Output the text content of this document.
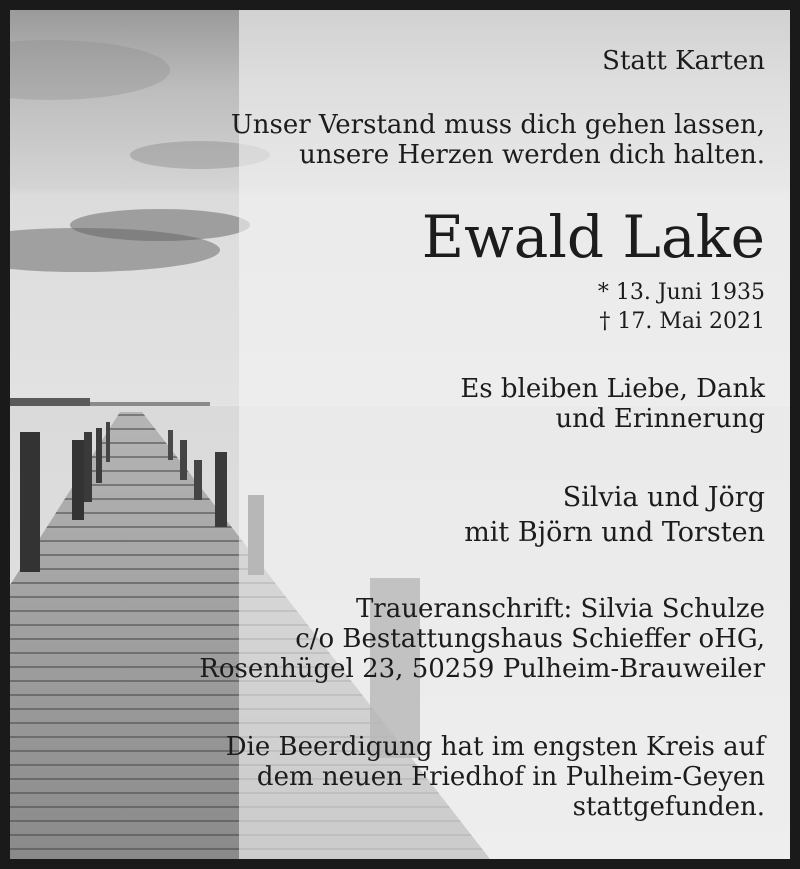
Statt Karten

Unser Verstand muss dich gehen lassen,
unsere Herzen werden dich halten.

Ewald Lake

* 13. Juni 1935
† 17. Mai 2021

Es bleiben Liebe, Dank
und Erinnerung

Silvia und Jörg
mit Björn und Torsten

Traueranschrift: Silvia Schulze
c/o Bestattungshaus Schieffer oHG,
Rosenhügel 23, 50259 Pulheim-Brauweiler

Die Beerdigung hat im engsten Kreis auf
dem neuen Friedhof in Pulheim-Geyen
stattgefunden.
